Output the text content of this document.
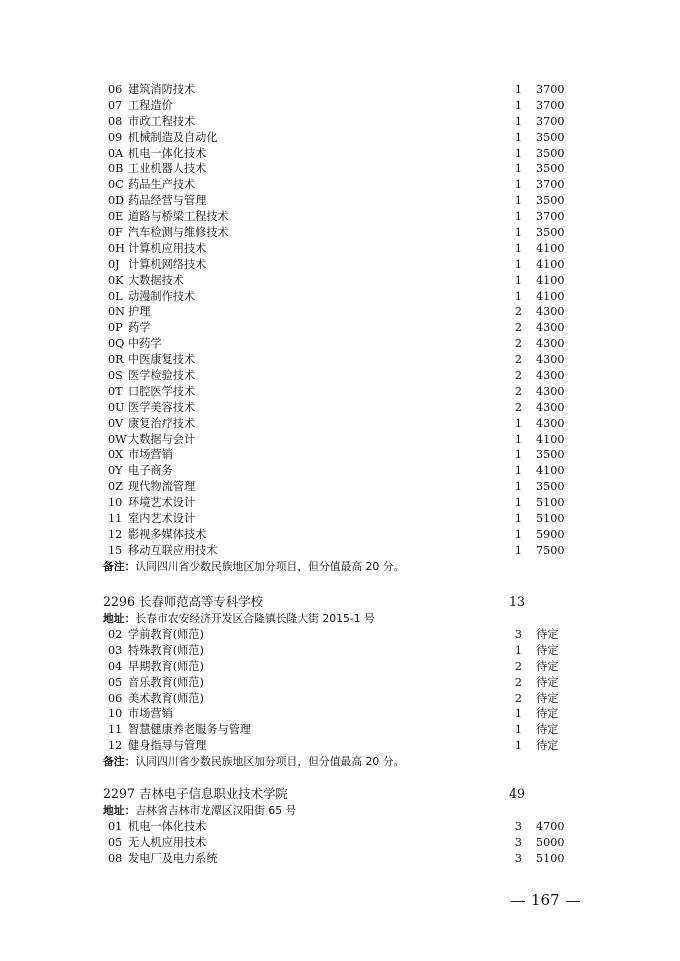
06 建筑消防技术	1 3700
07 工程造价	1 3700
08 市政工程技术	1 3700
09 机械制造及自动化	1 3500
0A 机电一体化技术	1 3500
0B 工业机器人技术	1 3500
0C 药品生产技术	1 3700
0D 药品经营与管理	1 3500
0E 道路与桥梁工程技术	1 3700
0F 汽车检测与维修技术	1 3500
0H 计算机应用技术	1 4100
0J 计算机网络技术	1 4100
0K 大数据技术	1 4100
0L 动漫制作技术	1 4100
0N 护理	2 4300
0P 药学	2 4300
0Q 中药学	2 4300
0R 中医康复技术	2 4300
0S 医学检验技术	2 4300
0T 口腔医学技术	2 4300
0U 医学美容技术	2 4300
0V 康复治疗技术	1 4300
0W 大数据与会计	1 4100
0X 市场营销	1 3500
0Y 电子商务	1 4100
0Z 现代物流管理	1 3500
10 环境艺术设计	1 5100
11 室内艺术设计	1 5100
12 影视多媒体技术	1 5900
15 移动互联应用技术	1 7500
备注：认同四川省少数民族地区加分项目，但分值最高 20 分。
2296 长春师范高等专科学校	13
地址：长春市农安经济开发区合隆镇长隆大街 2015-1 号
02 学前教育(师范)	3 待定
03 特殊教育(师范)	1 待定
04 早期教育(师范)	2 待定
05 音乐教育(师范)	2 待定
06 美术教育(师范)	2 待定
10 市场营销	1 待定
11 智慧健康养老服务与管理	1 待定
12 健身指导与管理	1 待定
备注：认同四川省少数民族地区加分项目，但分值最高 20 分。
2297 吉林电子信息职业技术学院	49
地址：吉林省吉林市龙潭区汉阳街 65 号
01 机电一体化技术	3 4700
05 无人机应用技术	3 5000
08 发电厂及电力系统	3 5100
167
